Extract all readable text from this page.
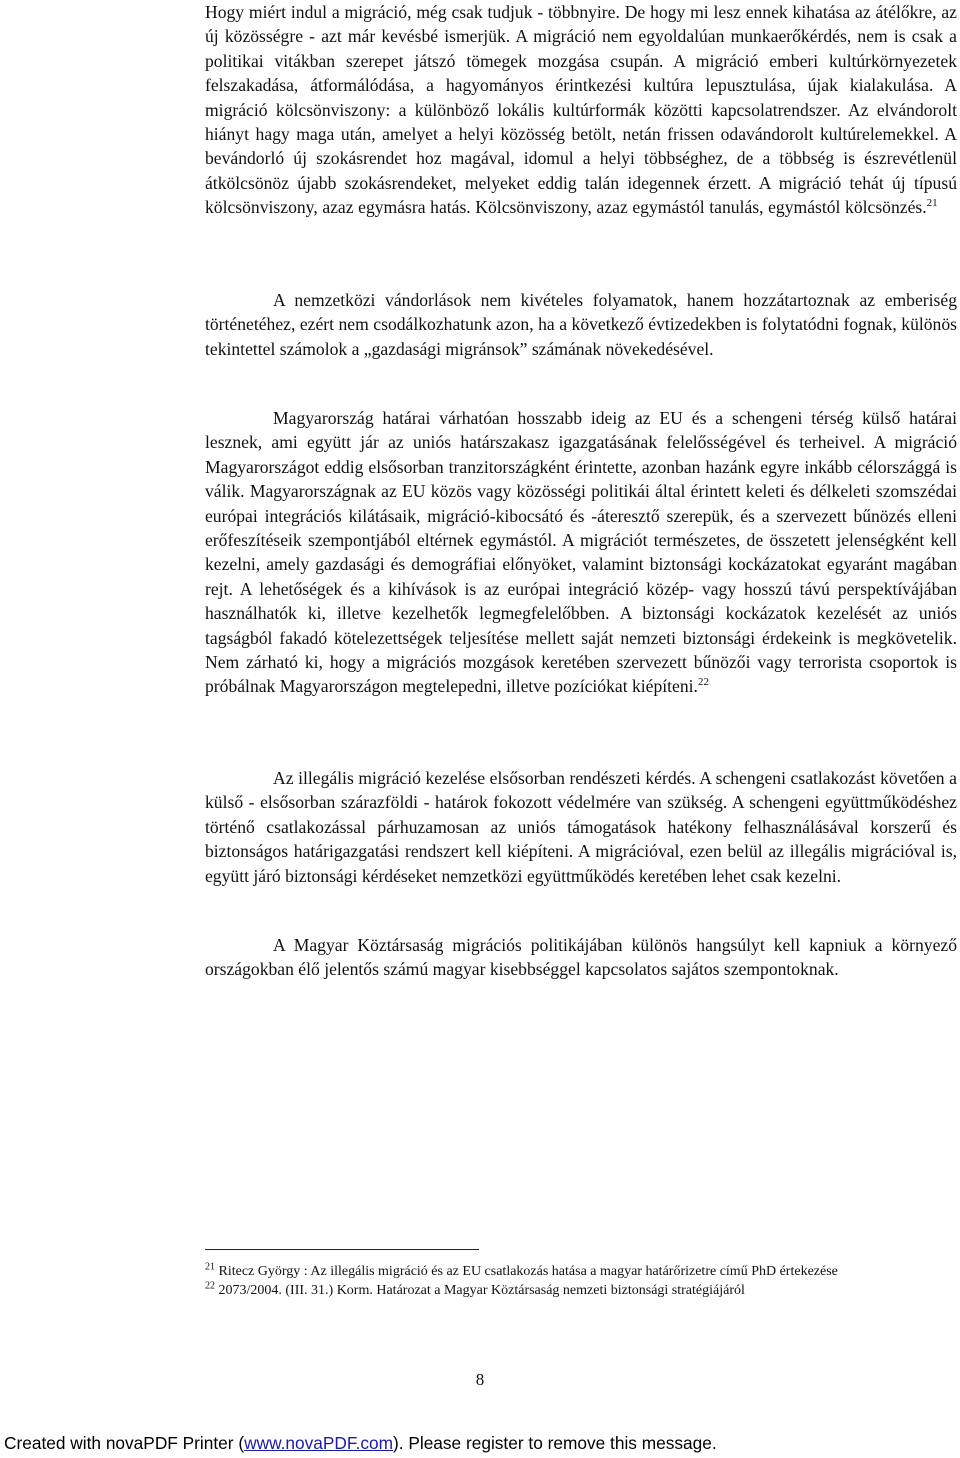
Hogy miért indul a migráció, még csak tudjuk - többnyire. De hogy mi lesz ennek kihatása az átélőkre, az új közösségre - azt már kevésbé ismerjük. A migráció nem egyoldalúan munkaerőkérdés, nem is csak a politikai vitákban szerepet játszó tömegek mozgása csupán. A migráció emberi kultúrkörnyezetek felszakadása, átformálódása, a hagyományos érintkezési kultúra lepusztulása, újak kialakulása. A migráció kölcsönviszony: a különböző lokális kultúrformák közötti kapcsolatrendszer. Az elvándorolt hiányt hagy maga után, amelyet a helyi közösség betölt, netán frissen odavándorolt kultúrelemekkel. A bevándorló új szokásrendet hoz magával, idomul a helyi többséghez, de a többség is észrevétlenül átkölcsönöz újabb szokásrendeket, melyeket eddig talán idegennek érzett. A migráció tehát új típusú kölcsönviszony, azaz egymásra hatás. Kölcsönviszony, azaz egymástól tanulás, egymástól kölcsönzés.$^{21}$

A nemzetközi vándorlások nem kivételes folyamatok, hanem hozzátartoznak az emberiség történetéhez, ezért nem csodálkozhatunk azon, ha a következő évtizedekben is folytatódni fognak, különös tekintettel számolok a „gazdasági migránsok” számának növekedésével.

Magyarország határai várhatóan hosszabb ideig az EU és a schengeni térség külső határai lesznek, ami együtt jár az uniós határszakasz igazgatásának felelősségével és terheivel. A migráció Magyarországot eddig elsősorban tranzitországként érintette, azonban hazánk egyre inkább célországgá is válik. Magyarországnak az EU közös vagy közösségi politikái által érintett keleti és délkeleti szomszédai európai integrációs kilátásaik, migráció-kibocsátó és -áteresztő szerepük, és a szervezett bűnözés elleni erőfeszítéseik szempontjából eltérnek egymástól. A migrációt természetes, de összetett jelenségként kell kezelni, amely gazdasági és demográfiai előnyöket, valamint biztonsági kockázatokat egyaránt magában rejt. A lehetőségek és a kihívások is az európai integráció közép- vagy hosszú távú perspektívájában használhatók ki, illetve kezelhetők legmegfelelőbben. A biztonsági kockázatok kezelését az uniós tagságból fakadó kötelezettségek teljesítése mellett saját nemzeti biztonsági érdekeink is megkövetelik. Nem zárható ki, hogy a migrációs mozgások keretében szervezett bűnözői vagy terrorista csoportok is próbálnak Magyarországon megtelepedni, illetve pozíciókat kiépíteni.$^{22}$

Az illegális migráció kezelése elsősorban rendészeti kérdés. A schengeni csatlakozást követően a külső - elsősorban szárazföldi - határok fokozott védelmére van szükség. A schengeni együttműködéshez történő csatlakozással párhuzamosan az uniós támogatások hatékony felhasználásával korszerű és biztonságos határigazgatási rendszert kell kiépíteni. A migrációval, ezen belül az illegális migrációval is, együtt járó biztonsági kérdéseket nemzetközi együttműködés keretében lehet csak kezelni.

A Magyar Köztársaság migrációs politikájában különös hangsúlyt kell kapniuk a környező országokban élő jelentős számú magyar kisebbséggel kapcsolatos sajátos szempontoknak.

$^{21}$ Ritecz György : Az illegális migráció és az EU csatlakozás hatása a magyar határőrizetre című PhD értekezése

$^{22}$ 2073/2004. (III. 31.) Korm. Határozat a Magyar Köztársaság nemzeti biztonsági stratégiájáról

8
Created with novaPDF Printer (www.novaPDF.com). Please register to remove this message.
